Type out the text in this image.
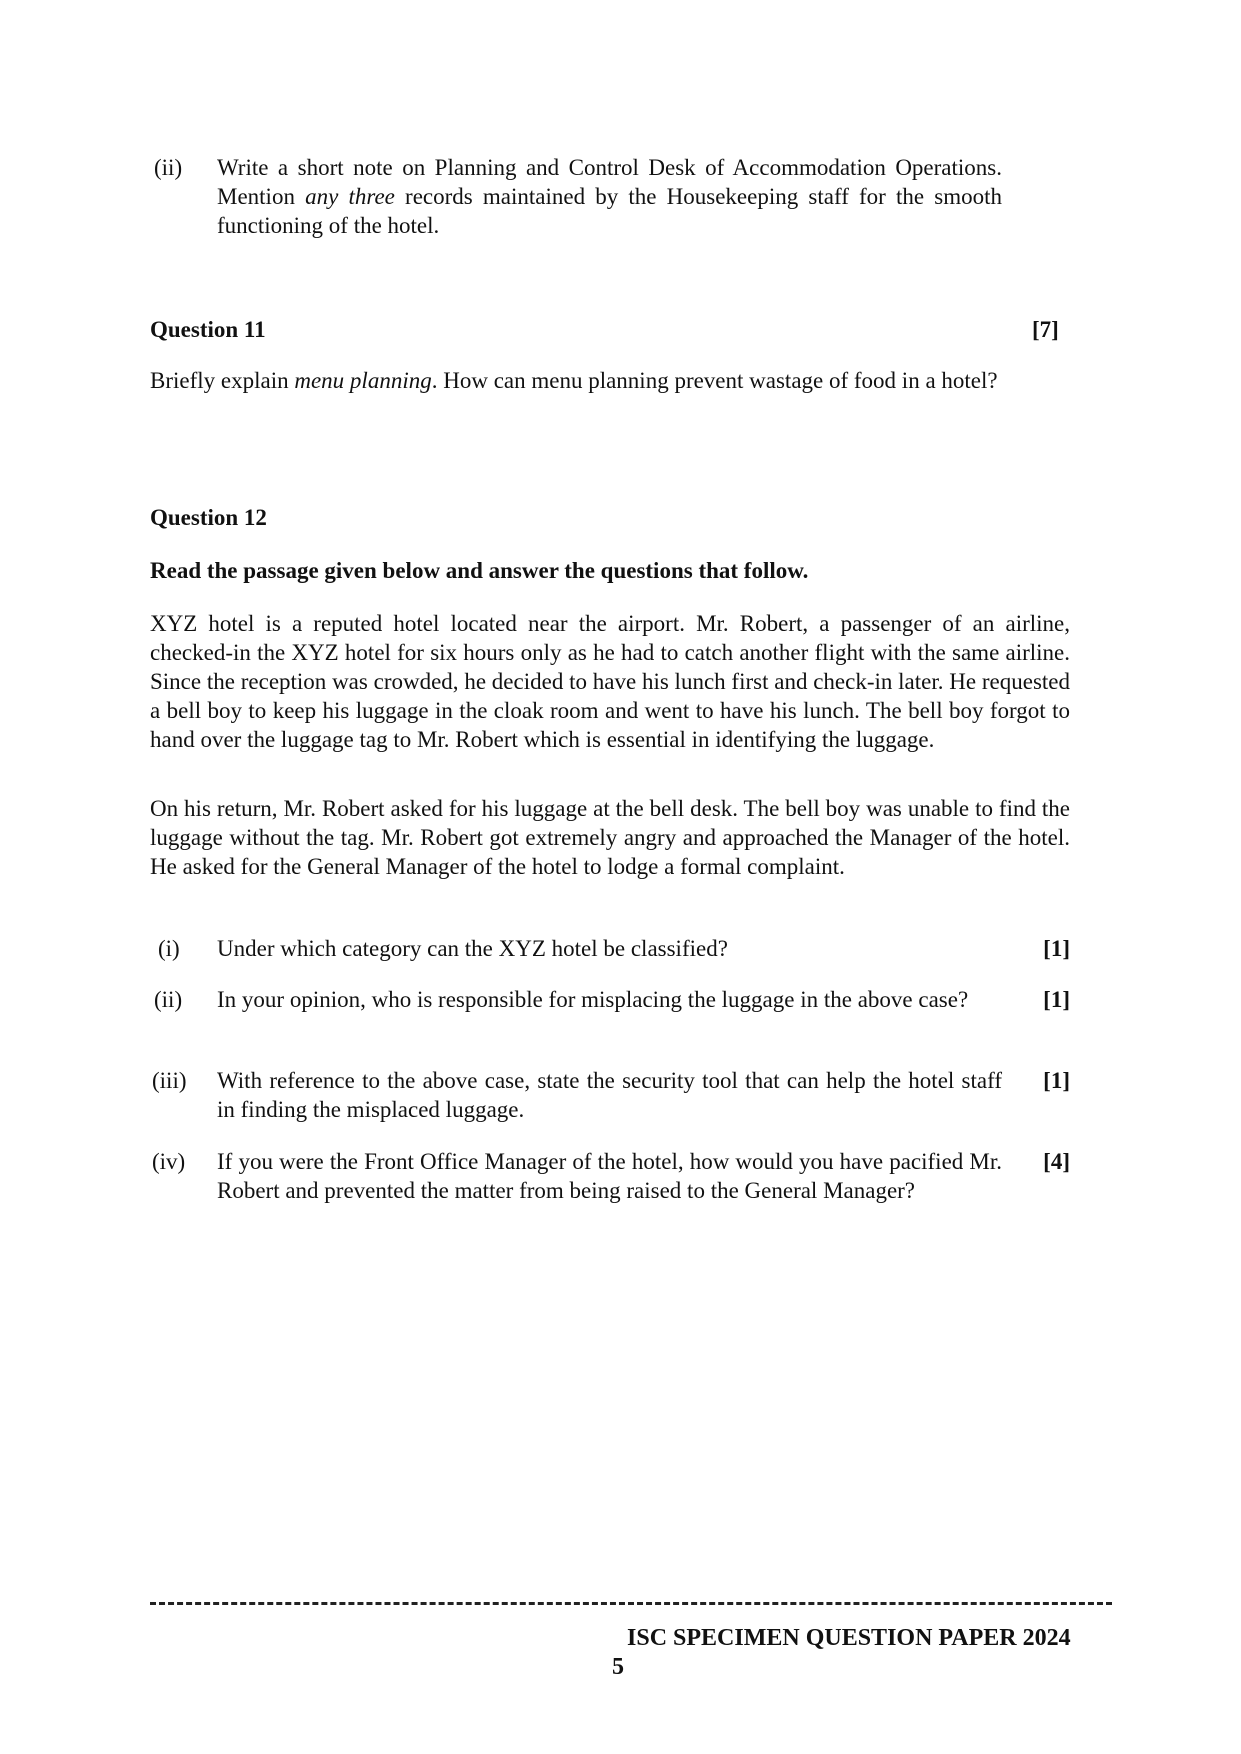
(ii) Write a short note on Planning and Control Desk of Accommodation Operations. Mention any three records maintained by the Housekeeping staff for the smooth functioning of the hotel.
Question 11	[7]
Briefly explain menu planning. How can menu planning prevent wastage of food in a hotel?
Question 12
Read the passage given below and answer the questions that follow.
XYZ hotel is a reputed hotel located near the airport. Mr. Robert, a passenger of an airline, checked-in the XYZ hotel for six hours only as he had to catch another flight with the same airline. Since the reception was crowded, he decided to have his lunch first and check-in later. He requested a bell boy to keep his luggage in the cloak room and went to have his lunch. The bell boy forgot to hand over the luggage tag to Mr. Robert which is essential in identifying the luggage.
On his return, Mr. Robert asked for his luggage at the bell desk. The bell boy was unable to find the luggage without the tag. Mr. Robert got extremely angry and approached the Manager of the hotel. He asked for the General Manager of the hotel to lodge a formal complaint.
(i) Under which category can the XYZ hotel be classified?	[1]
(ii) In your opinion, who is responsible for misplacing the luggage in the above case?	[1]
(iii) With reference to the above case, state the security tool that can help the hotel staff in finding the misplaced luggage.
[1]
(iv) If you were the Front Office Manager of the hotel, how would you have pacified Mr. Robert and prevented the matter from being raised to the General Manager?
[4]
ISC SPECIMEN QUESTION PAPER 2024
5
